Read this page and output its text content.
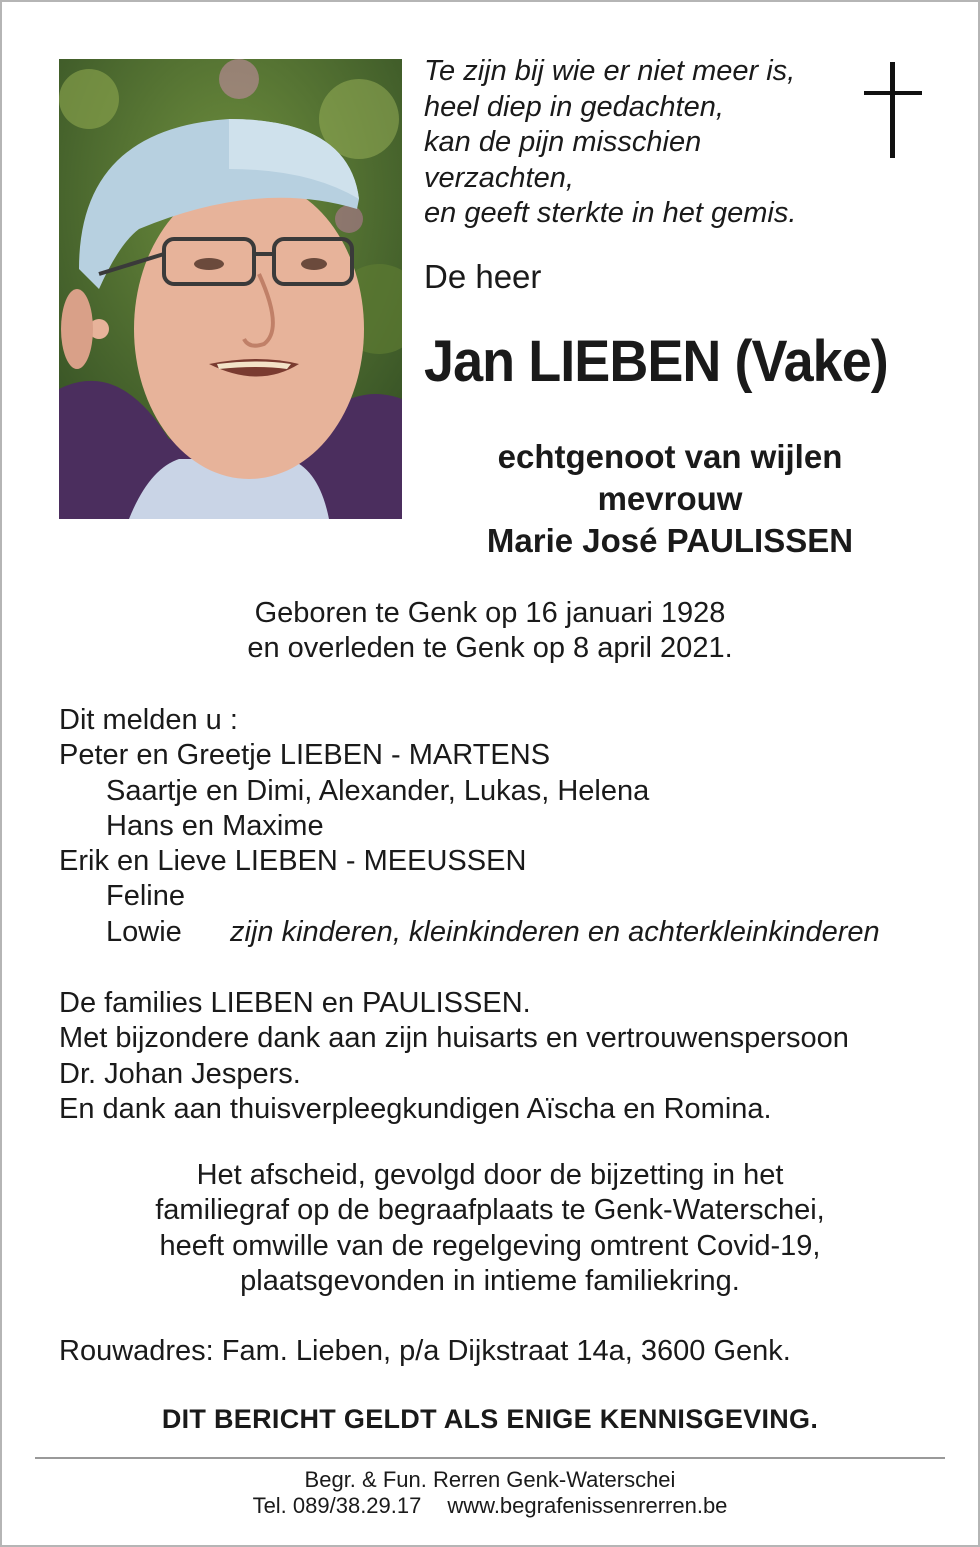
Te zijn bij wie er niet meer is,
heel diep in gedachten,
kan de pijn misschien
verzachten,
en geeft sterkte in het gemis.
De heer
Jan LIEBEN (Vake)
echtgenoot van wijlen
mevrouw
Marie José PAULISSEN
Geboren te Genk op 16 januari 1928
en overleden te Genk op 8 april 2021.
Dit melden u :
Peter en Greetje LIEBEN - MARTENS
Saartje en Dimi, Alexander, Lukas, Helena
Hans en Maxime
Erik en Lieve LIEBEN - MEEUSSEN
Feline
Lowie zijn kinderen, kleinkinderen en achterkleinkinderen
De families LIEBEN en PAULISSEN.
Met bijzondere dank aan zijn huisarts en vertrouwenspersoon
Dr. Johan Jespers.
En dank aan thuisverpleegkundigen Aïscha en Romina.
Het afscheid, gevolgd door de bijzetting in het
familiegraf op de begraafplaats te Genk-Waterschei,
heeft omwille van de regelgeving omtrent Covid-19,
plaatsgevonden in intieme familiekring.
Rouwadres: Fam. Lieben, p/a Dijkstraat 14a, 3600 Genk.
DIT BERICHT GELDT ALS ENIGE KENNISGEVING.
Begr. & Fun. Rerren Genk-Waterschei
Tel. 089/38.29.17 www.begrafenissenrerren.be
